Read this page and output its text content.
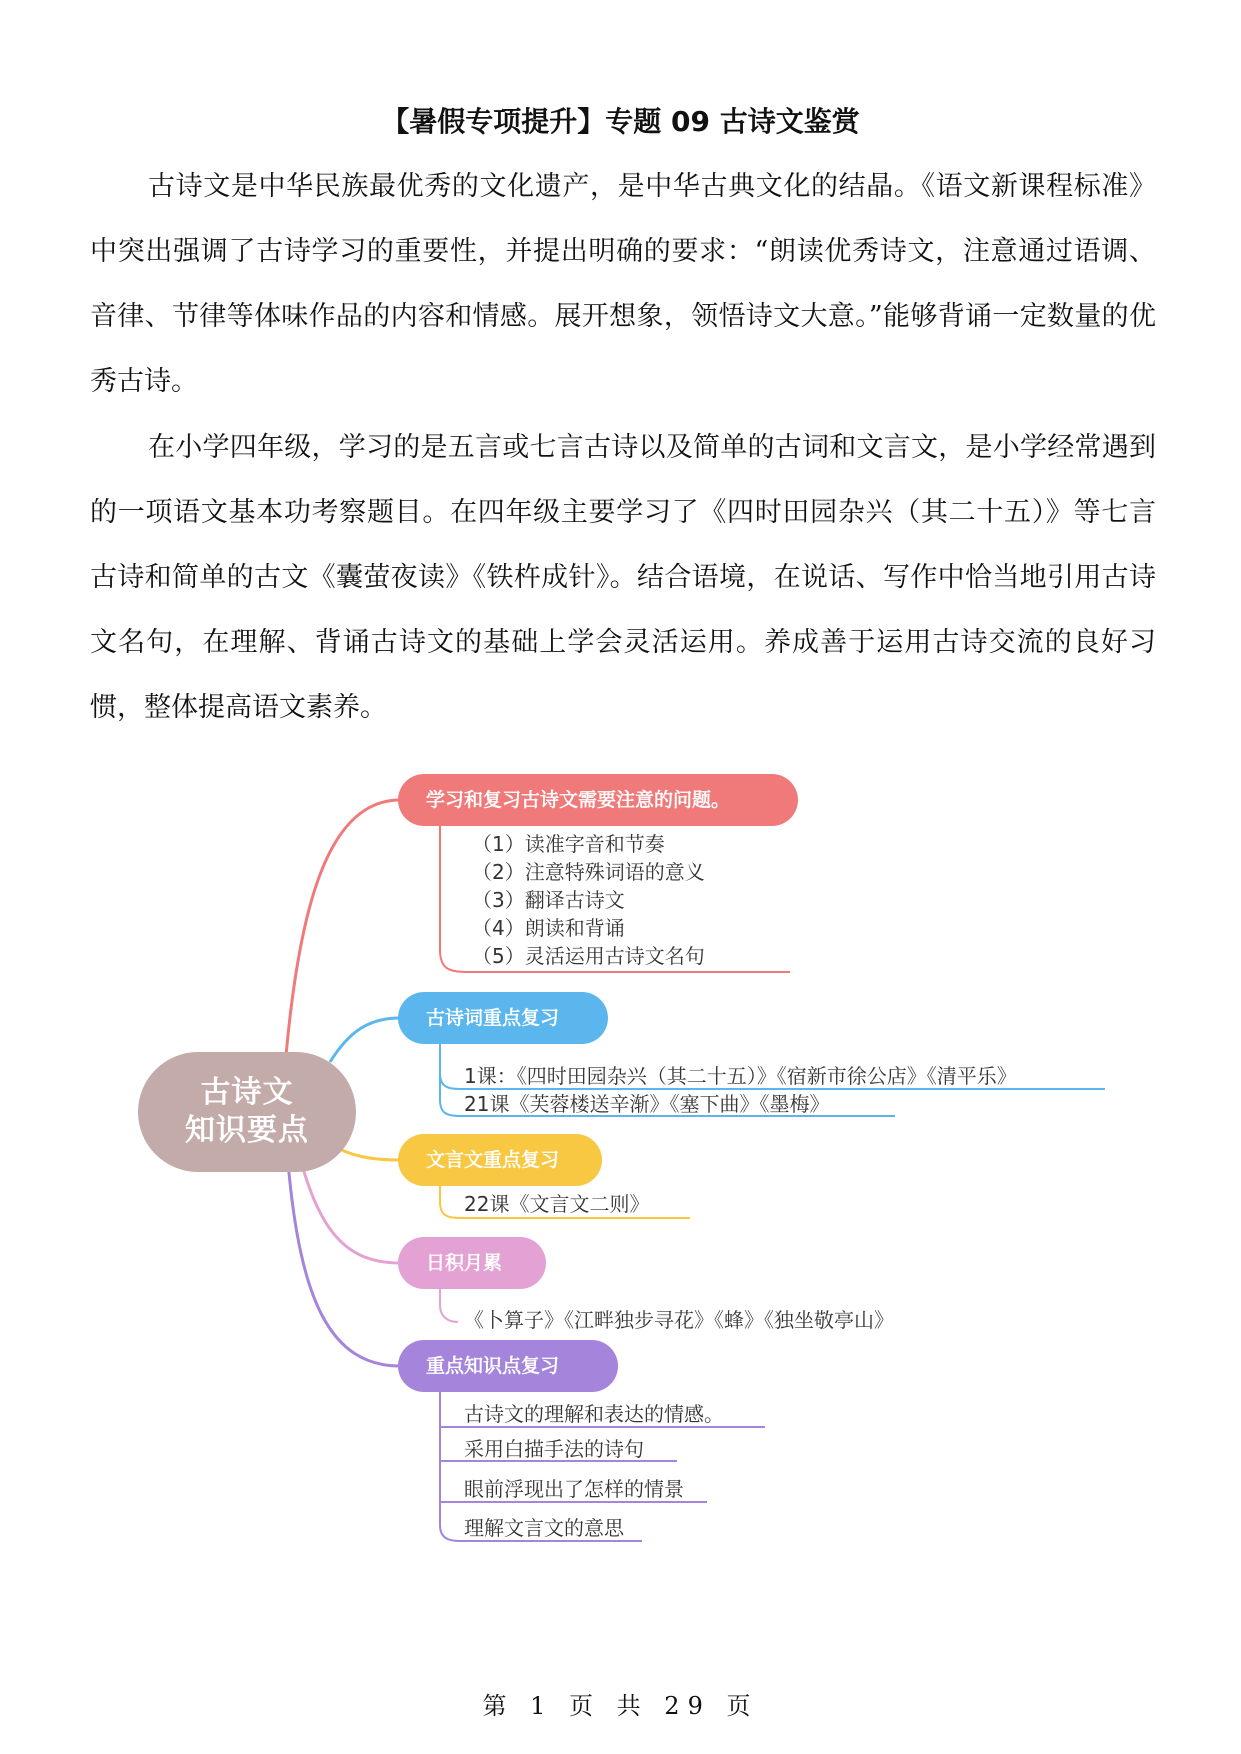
【暑假专项提升】专题 09 古诗文鉴赏

古诗文是中华民族最优秀的文化遗产，是中华古典文化的结晶。《语文新课程标准》中突出强调了古诗学习的重要性，并提出明确的要求：“朗读优秀诗文，注意通过语调、音律、节律等体味作品的内容和情感。展开想象，领悟诗文大意。”能够背诵一定数量的优秀古诗。

在小学四年级，学习的是五言或七言古诗以及简单的古词和文言文，是小学经常遇到的一项语文基本功考察题目。在四年级主要学习了《四时田园杂兴（其二十五）》等七言古诗和简单的古文《囊萤夜读》《铁杵成针》。结合语境，在说话、写作中恰当地引用古诗文名句，在理解、背诵古诗文的基础上学会灵活运用。养成善于运用古诗交流的良好习惯，整体提高语文素养。

古诗文
知识要点
学习和复习古诗文需要注意的问题。
（1）读准字音和节奏
（2）注意特殊词语的意义
（3）翻译古诗文
（4）朗读和背诵
（5）灵活运用古诗文名句
古诗词重点复习
1课：《四时田园杂兴（其二十五）》《宿新市徐公店》《清平乐》
21课《芙蓉楼送辛渐》《塞下曲》《墨梅》
文言文重点复习
22课《文言文二则》
日积月累
《卜算子》《江畔独步寻花》《蜂》《独坐敬亭山》
重点知识点复习
古诗文的理解和表达的情感。
采用白描手法的诗句
眼前浮现出了怎样的情景
理解文言文的意思
第 1 页 共 29 页
